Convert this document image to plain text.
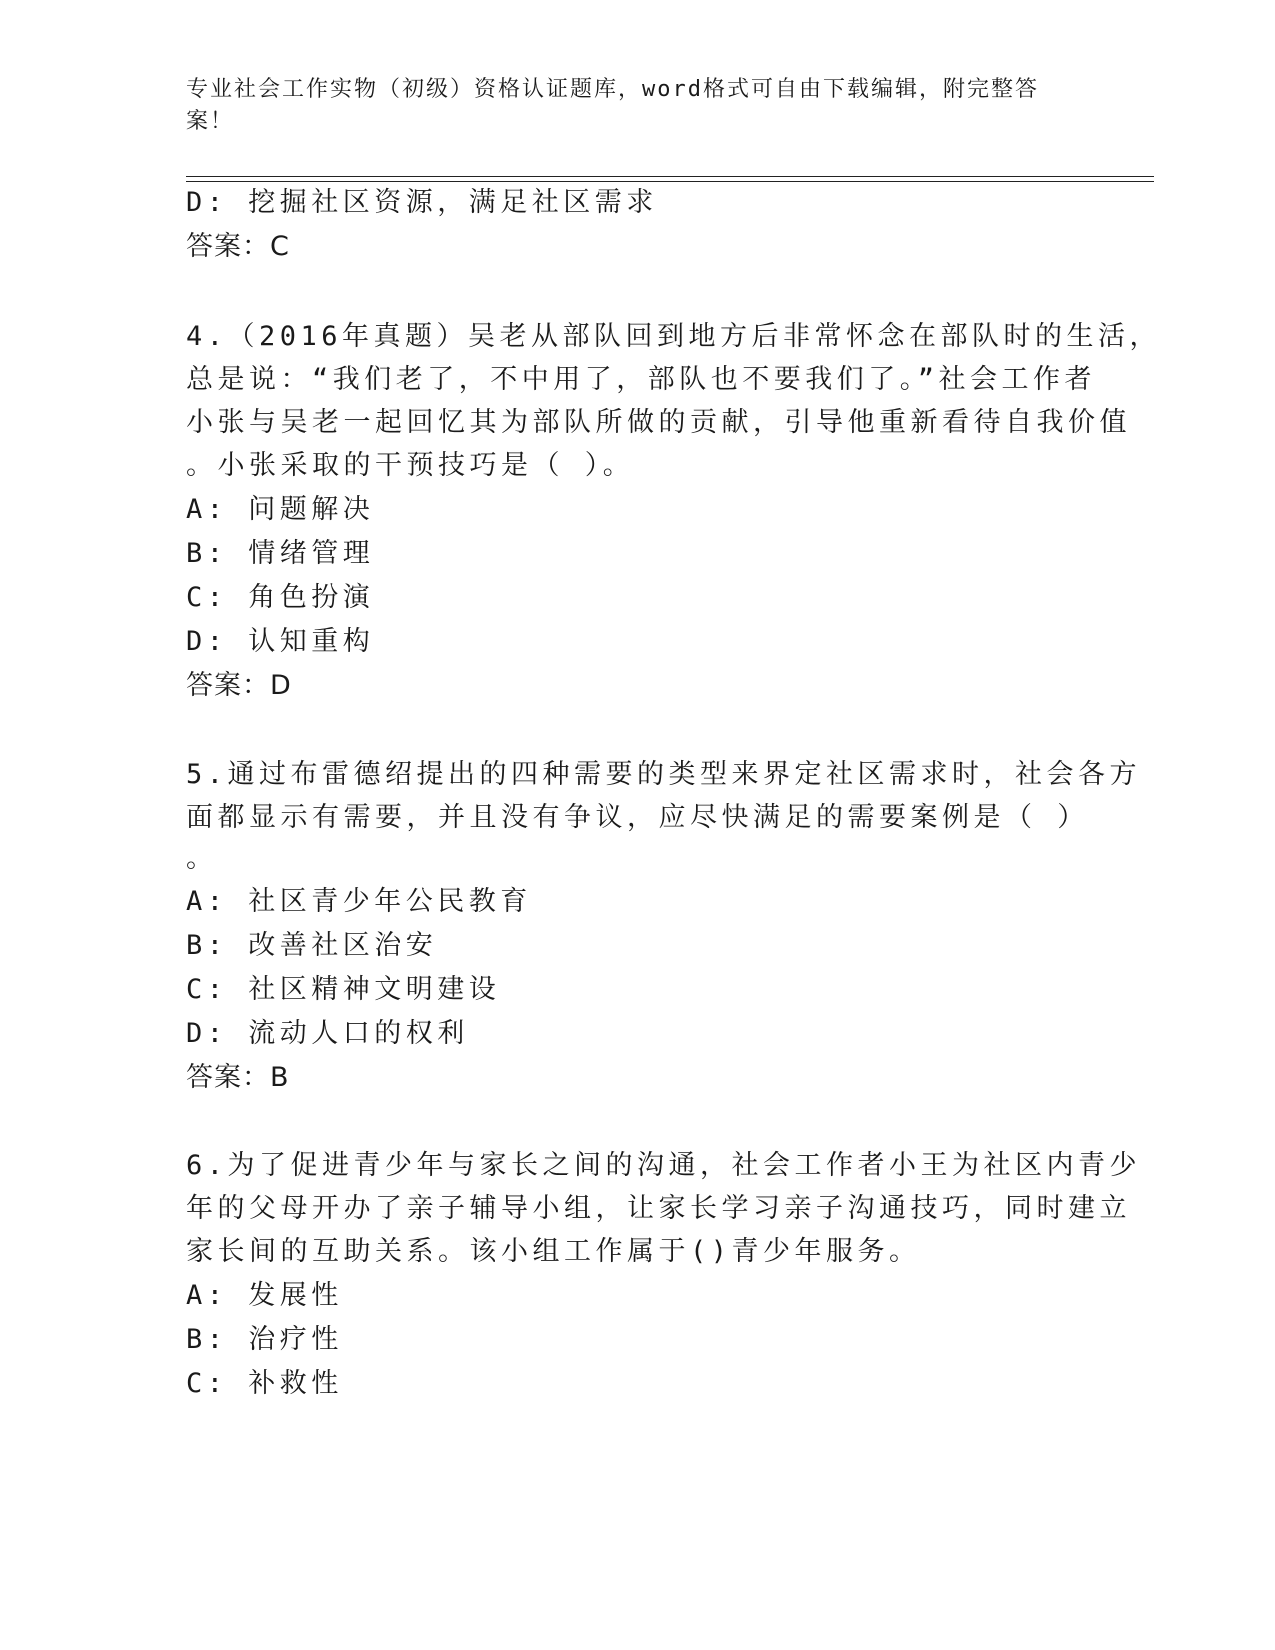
专业社会工作实物（初级）资格认证题库，word格式可自由下载编辑，附完整答案！
D: 挖掘社区资源，满足社区需求
答案：C
4.（2016年真题）吴老从部队回到地方后非常怀念在部队时的生活，
总是说：“我们老了，不中用了，部队也不要我们了。”社会工作者
小张与吴老一起回忆其为部队所做的贡献，引导他重新看待自我价值
。小张采取的干预技巧是（ ）。
A: 问题解决
B: 情绪管理
C: 角色扮演
D: 认知重构
答案：D
5.通过布雷德绍提出的四种需要的类型来界定社区需求时，社会各方
面都显示有需要，并且没有争议，应尽快满足的需要案例是（ ）
。
A: 社区青少年公民教育
B: 改善社区治安
C: 社区精神文明建设
D: 流动人口的权利
答案：B
6.为了促进青少年与家长之间的沟通，社会工作者小王为社区内青少
年的父母开办了亲子辅导小组，让家长学习亲子沟通技巧，同时建立
家长间的互助关系。该小组工作属于()青少年服务。
A: 发展性
B: 治疗性
C: 补救性
